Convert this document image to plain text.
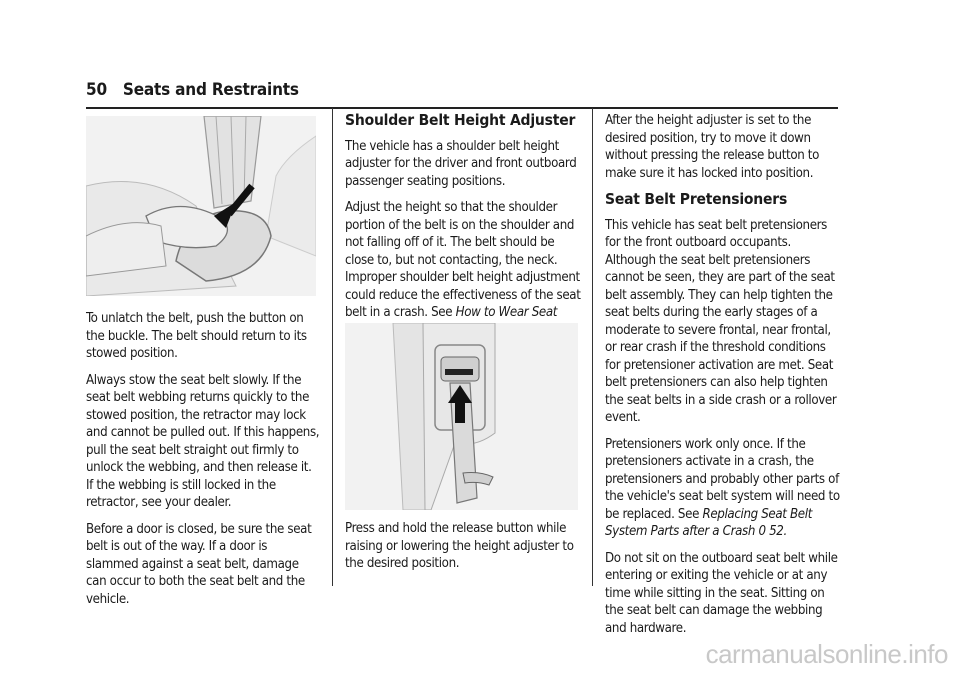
50 Seats and Restraints

To unlatch the belt, push the button on the buckle. The belt should return to its stowed position.

Always stow the seat belt slowly. If the seat belt webbing returns quickly to the stowed position, the retractor may lock and cannot be pulled out. If this happens, pull the seat belt straight out firmly to unlock the webbing, and then release it. If the webbing is still locked in the retractor, see your dealer.

Before a door is closed, be sure the seat belt is out of the way. If a door is slammed against a seat belt, damage can occur to both the seat belt and the vehicle.

Shoulder Belt Height Adjuster

The vehicle has a shoulder belt height adjuster for the driver and front outboard passenger seating positions.

Adjust the height so that the shoulder portion of the belt is on the shoulder and not falling off of it. The belt should be close to, but not contacting, the neck. Improper shoulder belt height adjustment could reduce the effectiveness of the seat belt in a crash. See How to Wear Seat

Press and hold the release button while raising or lowering the height adjuster to the desired position.

After the height adjuster is set to the desired position, try to move it down without pressing the release button to make sure it has locked into position.

Seat Belt Pretensioners

This vehicle has seat belt pretensioners for the front outboard occupants. Although the seat belt pretensioners cannot be seen, they are part of the seat belt assembly. They can help tighten the seat belts during the early stages of a moderate to severe frontal, near frontal, or rear crash if the threshold conditions for pretensioner activation are met. Seat belt pretensioners can also help tighten the seat belts in a side crash or a rollover event.

Pretensioners work only once. If the pretensioners activate in a crash, the pretensioners and probably other parts of the vehicle's seat belt system will need to be replaced. See Replacing Seat Belt System Parts after a Crash 0 52.

Do not sit on the outboard seat belt while entering or exiting the vehicle or at any time while sitting in the seat. Sitting on the seat belt can damage the webbing and hardware.

carmanualsonline.info
